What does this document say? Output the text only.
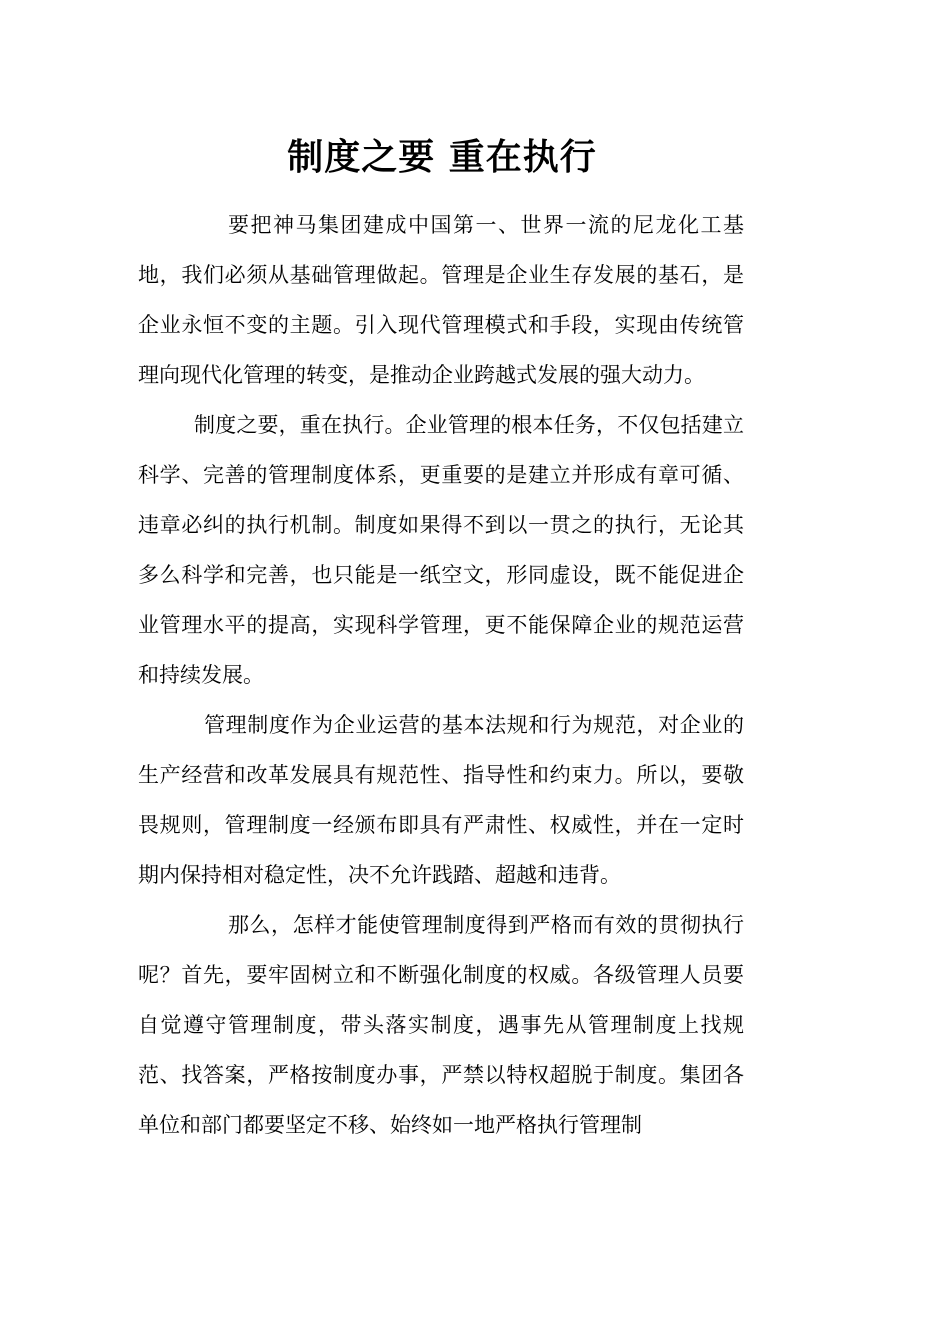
制度之要 重在执行

要把神马集团建成中国第一、世界一流的尼龙化工基地，我们必须从基础管理做起。管理是企业生存发展的基石，是企业永恒不变的主题。引入现代管理模式和手段，实现由传统管理向现代化管理的转变，是推动企业跨越式发展的强大动力。

制度之要，重在执行。企业管理的根本任务，不仅包括建立科学、完善的管理制度体系，更重要的是建立并形成有章可循、违章必纠的执行机制。制度如果得不到以一贯之的执行，无论其多么科学和完善，也只能是一纸空文，形同虚设，既不能促进企业管理水平的提高，实现科学管理，更不能保障企业的规范运营和持续发展。

管理制度作为企业运营的基本法规和行为规范，对企业的生产经营和改革发展具有规范性、指导性和约束力。所以，要敬畏规则，管理制度一经颁布即具有严肃性、权威性，并在一定时期内保持相对稳定性，决不允许践踏、超越和违背。

那么，怎样才能使管理制度得到严格而有效的贯彻执行呢？首先，要牢固树立和不断强化制度的权威。各级管理人员要自觉遵守管理制度，带头落实制度，遇事先从管理制度上找规范、找答案，严格按制度办事，严禁以特权超脱于制度。集团各单位和部门都要坚定不移、始终如一地严格执行管理制
